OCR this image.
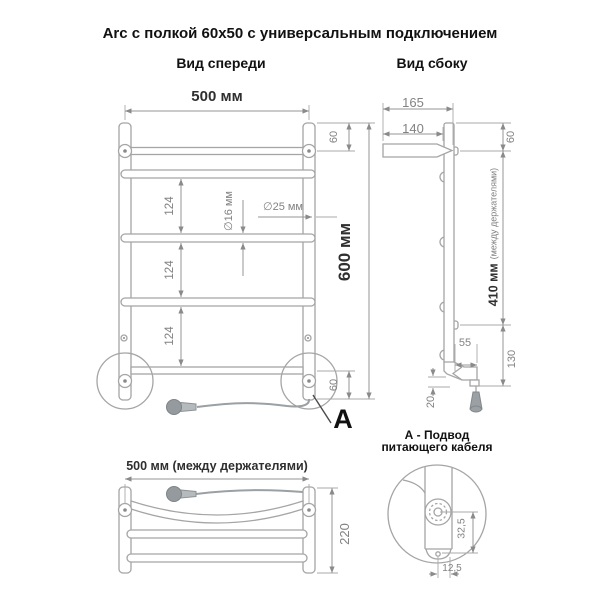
Arc с полкой 60x50 с универсальным подключением
Вид спереди	Вид сбоку
500 мм
600 мм
60
60
124
124
124
∅16 мм	∅25 мм
A
165
140
60
410 мм
(между держателями)
55
130
20
500 мм (между держателями)
220
А - Подвод
питающего кабеля
32,5
12,5
